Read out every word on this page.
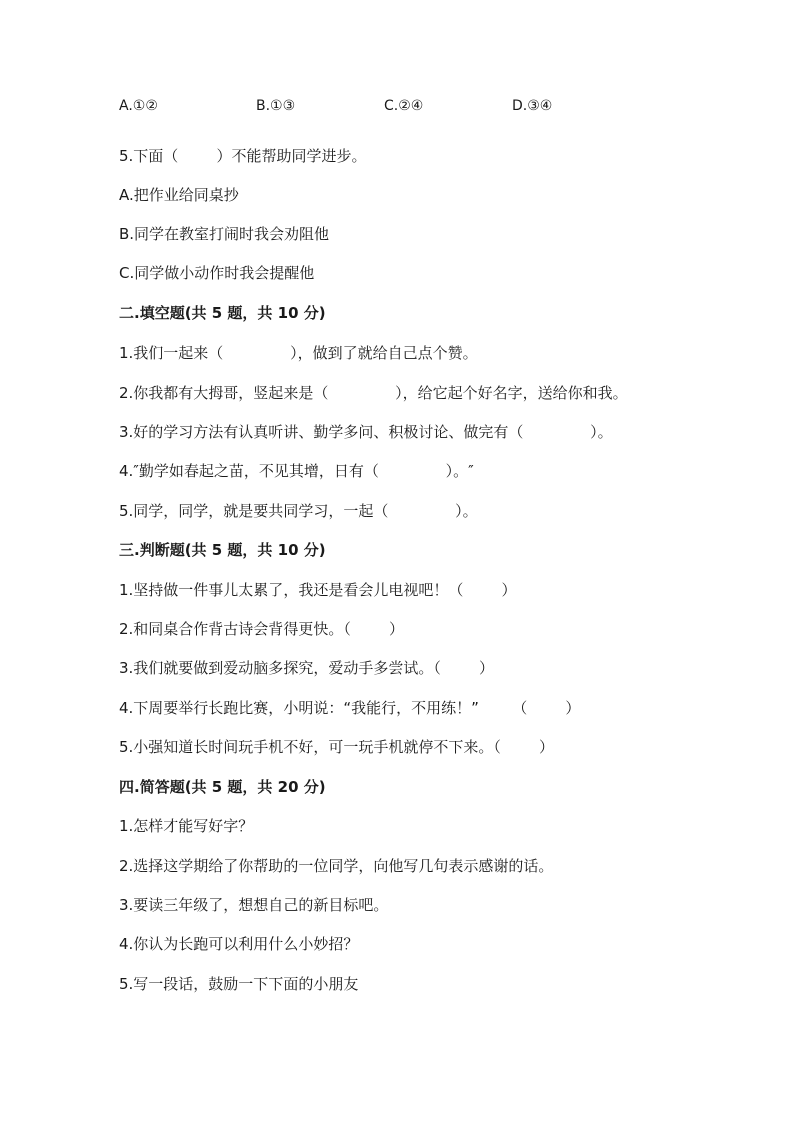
A.①②	B.①③	C.②④	D.③④
5.下面（        ）不能帮助同学进步。
A.把作业给同桌抄
B.同学在教室打闹时我会劝阻他
C.同学做小动作时我会提醒他
二.填空题(共 5 题，共 10 分)
1.我们一起来（              ），做到了就给自己点个赞。
2.你我都有大拇哥，竖起来是（              ），给它起个好名字，送给你和我。
3.好的学习方法有认真听讲、勤学多问、积极讨论、做完有（              ）。
4.″勤学如春起之苗，不见其增，日有（              ）。″
5.同学，同学，就是要共同学习，一起（              ）。
三.判断题(共 5 题，共 10 分)
1.坚持做一件事儿太累了，我还是看会儿电视吧！（        ）
2.和同桌合作背古诗会背得更快。（        ）
3.我们就要做到爱动脑多探究，爱动手多尝试。（        ）
4.下周要举行长跑比赛，小明说：“我能行，不用练！”       （        ）
5.小强知道长时间玩手机不好，可一玩手机就停不下来。（        ）
四.简答题(共 5 题，共 20 分)
1.怎样才能写好字？
2.选择这学期给了你帮助的一位同学，向他写几句表示感谢的话。
3.要读三年级了，想想自己的新目标吧。
4.你认为长跑可以利用什么小妙招？
5.写一段话，鼓励一下下面的小朋友
